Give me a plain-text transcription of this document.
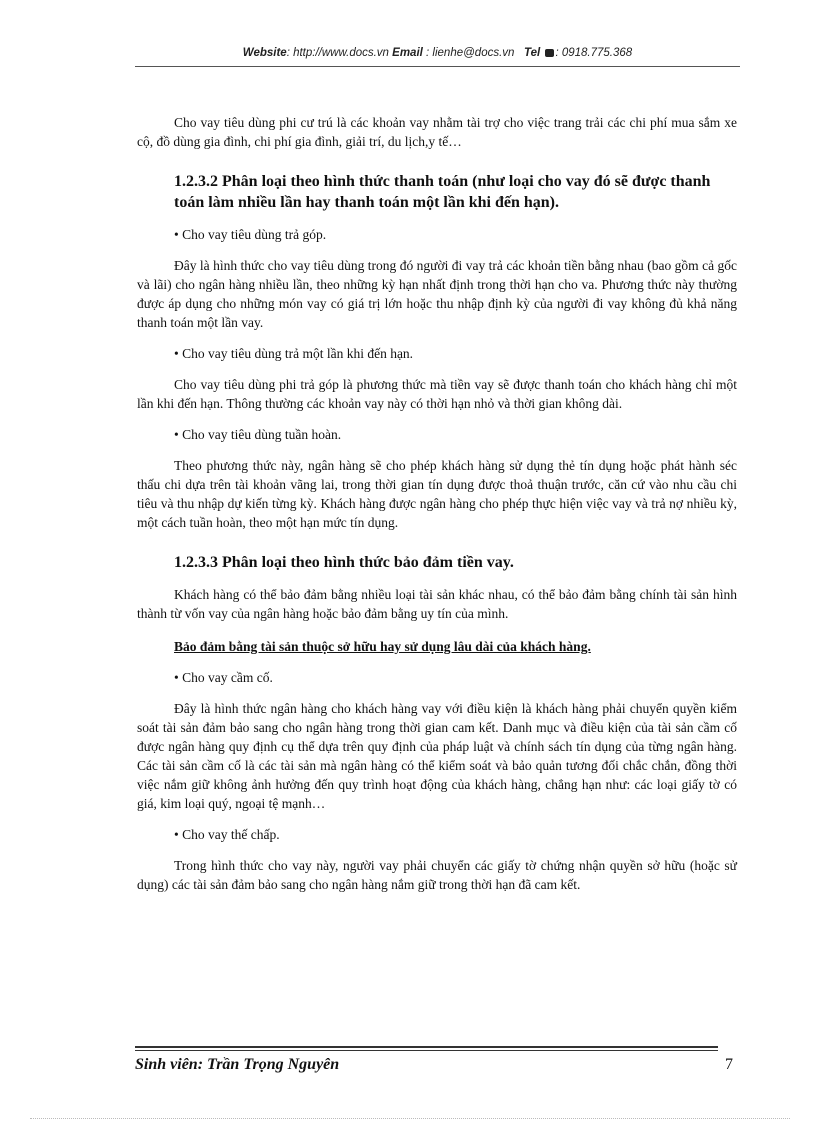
Website: http://www.docs.vn Email : lienhe@docs.vn Tel : 0918.775.368

Cho vay tiêu dùng phi cư trú là các khoản vay nhằm tài trợ cho việc trang trải các chi phí mua sắm xe cộ, đồ dùng gia đình, chi phí gia đình, giải trí, du lịch,y tế…

1.2.3.2 Phân loại theo hình thức thanh toán (như loại cho vay đó sẽ được thanh toán làm nhiều lần hay thanh toán một lần khi đến hạn).

• Cho vay tiêu dùng trả góp.

Đây là hình thức cho vay tiêu dùng trong đó người đi vay trả các khoản tiền bằng nhau (bao gồm cả gốc và lãi) cho ngân hàng nhiều lần, theo những kỳ hạn nhất định trong thời hạn cho va. Phương thức này thường được áp dụng cho những món vay có giá trị lớn hoặc thu nhập định kỳ của người đi vay không đủ khả năng thanh toán một lần vay.

• Cho vay tiêu dùng trả một lần khi đến hạn.

Cho vay tiêu dùng phi trả góp là phương thức mà tiền vay sẽ được thanh toán cho khách hàng chỉ một lần khi đến hạn. Thông thường các khoản vay này có thời hạn nhỏ và thời gian không dài.

• Cho vay tiêu dùng tuần hoàn.

Theo phương thức này, ngân hàng sẽ cho phép khách hàng sử dụng thẻ tín dụng hoặc phát hành séc thấu chi dựa trên tài khoản vãng lai, trong thời gian tín dụng được thoả thuận trước, căn cứ vào nhu cầu chi tiêu và thu nhập dự kiến từng kỳ. Khách hàng được ngân hàng cho phép thực hiện việc vay và trả nợ nhiều kỳ, một cách tuần hoàn, theo một hạn mức tín dụng.

1.2.3.3 Phân loại theo hình thức bảo đảm tiền vay.

Khách hàng có thể bảo đảm bằng nhiều loại tài sản khác nhau, có thể bảo đảm bằng chính tài sản hình thành từ vốn vay của ngân hàng hoặc bảo đảm bằng uy tín của mình.

Bảo đảm bằng tài sản thuộc sở hữu hay sử dụng lâu dài của khách hàng.

• Cho vay cầm cố.

Đây là hình thức ngân hàng cho khách hàng vay với điều kiện là khách hàng phải chuyển quyền kiểm soát tài sản đảm bảo sang cho ngân hàng trong thời gian cam kết. Danh mục và điều kiện của tài sản cầm cố được ngân hàng quy định cụ thể dựa trên quy định của pháp luật và chính sách tín dụng của từng ngân hàng. Các tài sản cầm cố là các tài sản mà ngân hàng có thể kiểm soát và bảo quản tương đối chắc chắn, đồng thời việc nắm giữ không ảnh hưởng đến quy trình hoạt động của khách hàng, chẳng hạn như: các loại giấy tờ có giá, kim loại quý, ngoại tệ mạnh…

• Cho vay thế chấp.

Trong hình thức cho vay này, người vay phải chuyển các giấy tờ chứng nhận quyền sở hữu (hoặc sử dụng) các tài sản đảm bảo sang cho ngân hàng nắm giữ trong thời hạn đã cam kết.

Sinh viên: Trần Trọng Nguyên	7
